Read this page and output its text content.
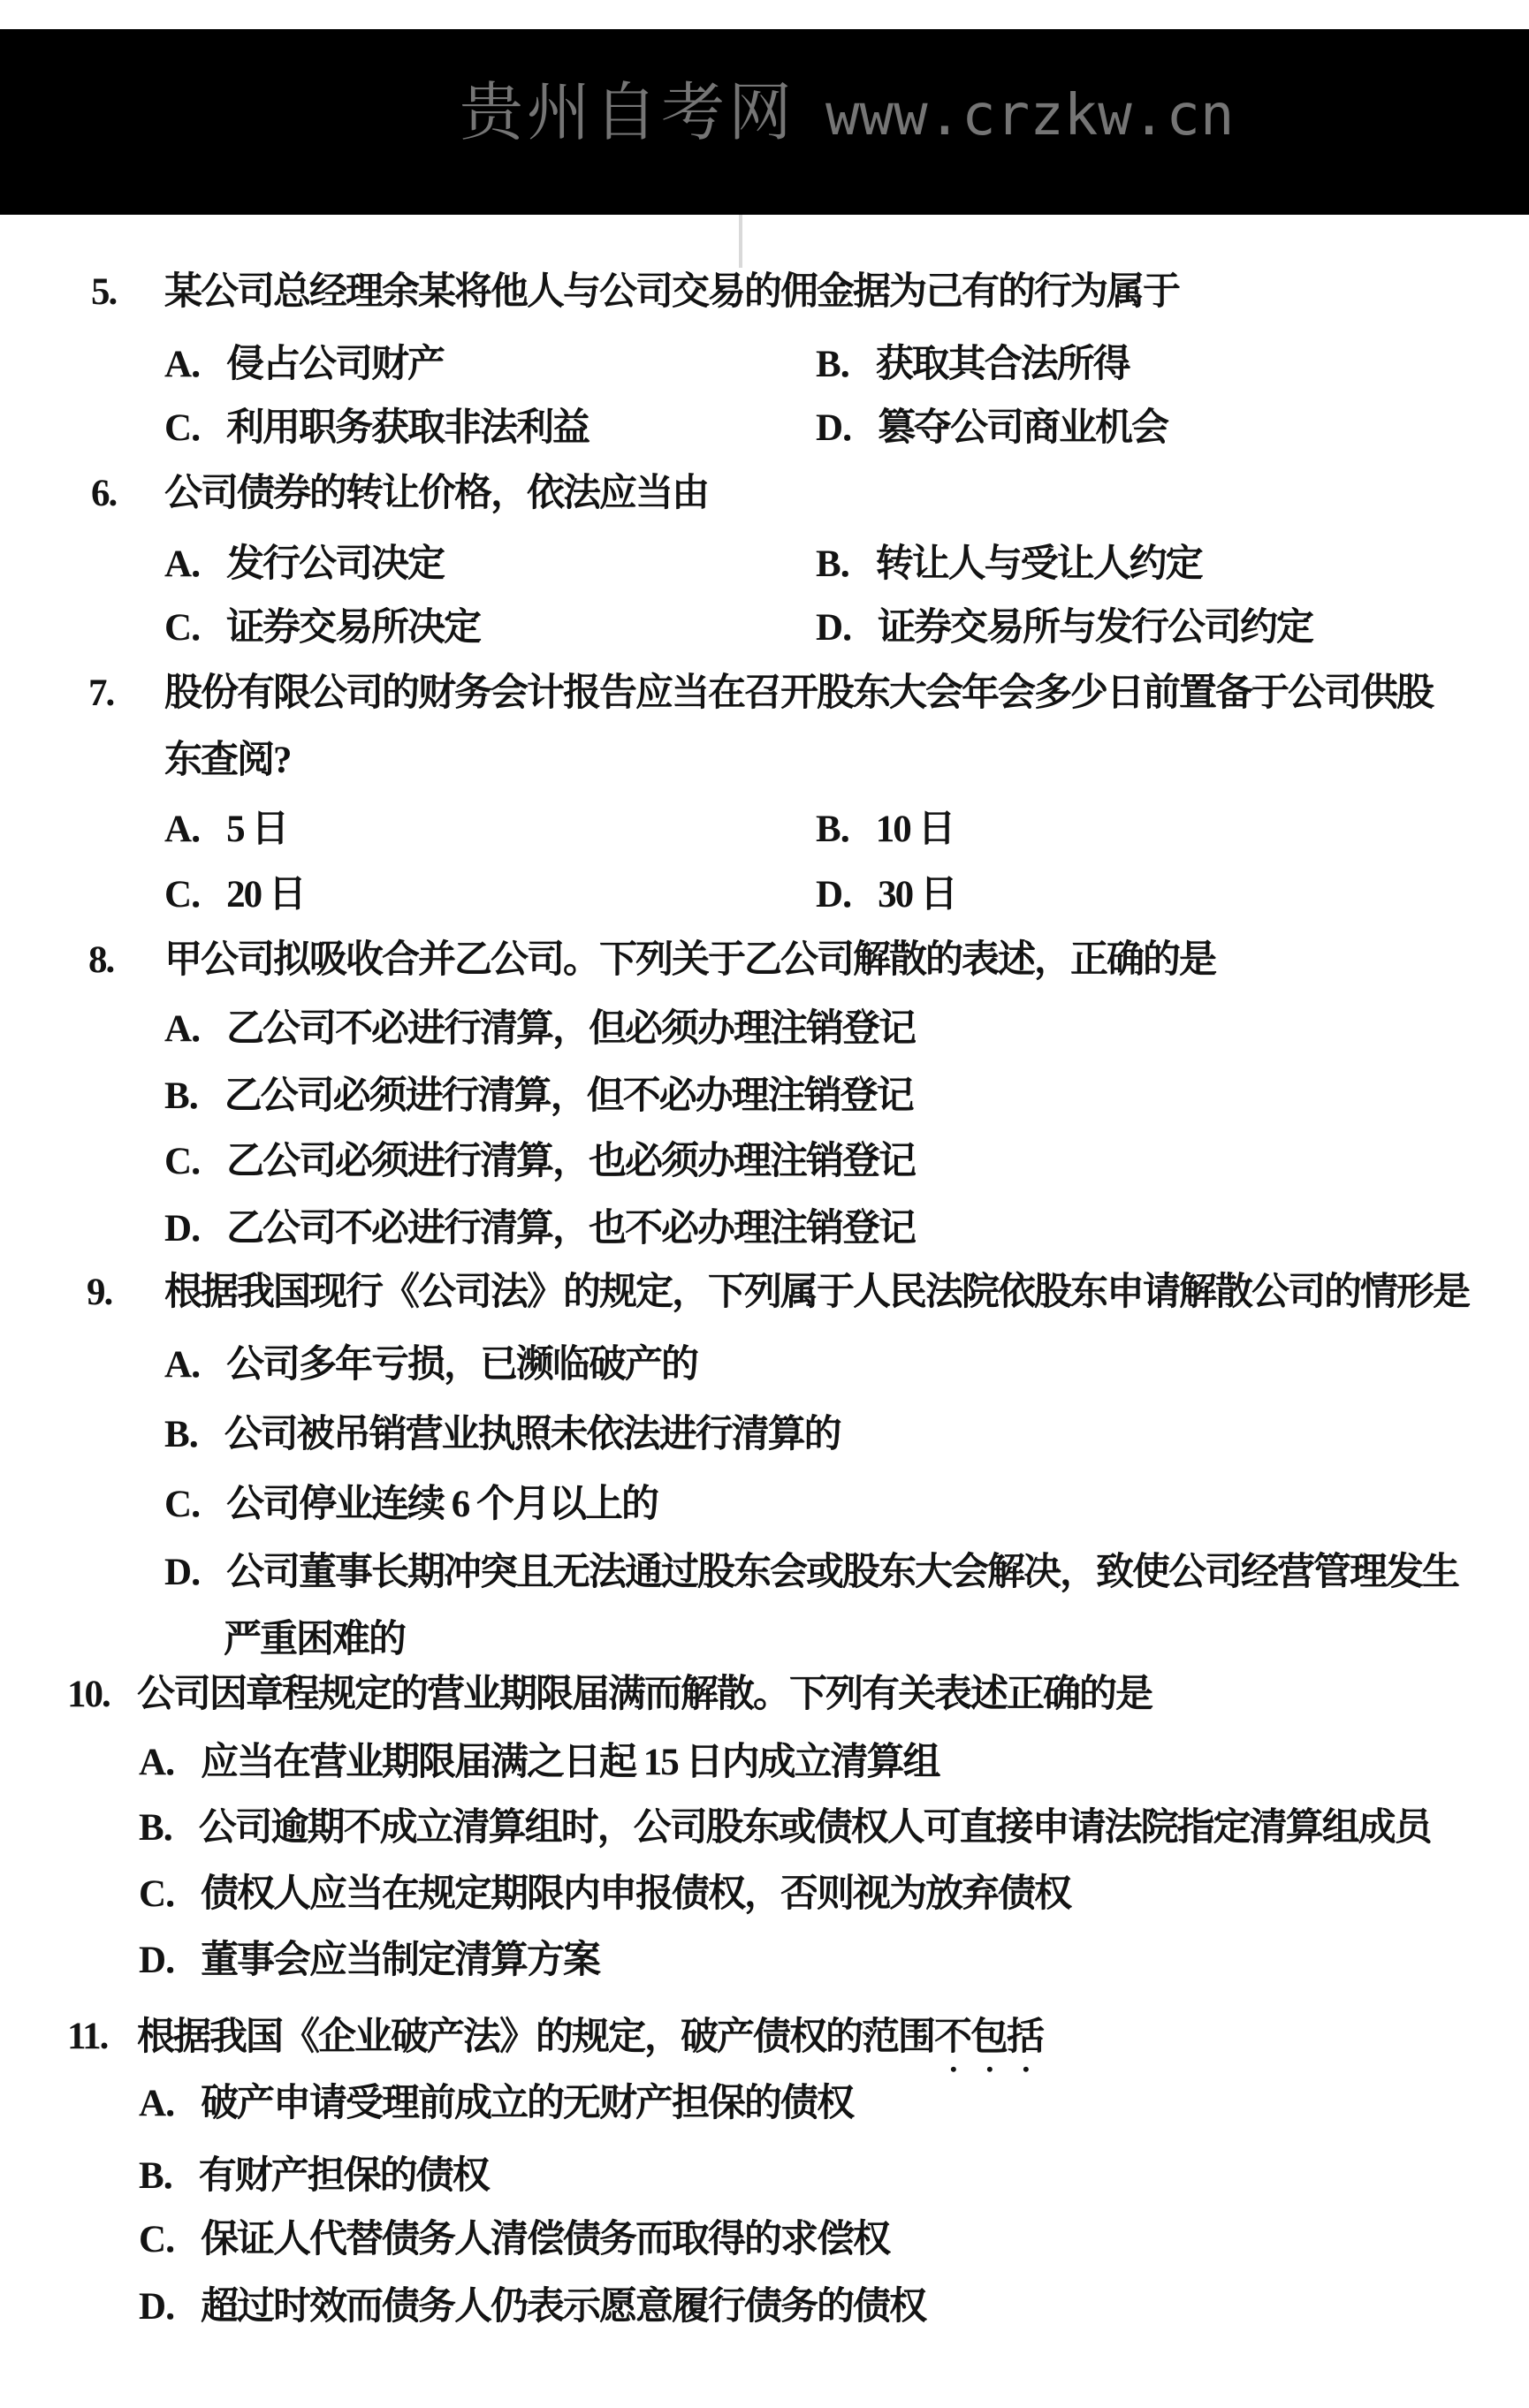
贵州自考网 www.crzkw.cn
5. 某公司总经理余某将他人与公司交易的佣金据为己有的行为属于
A．侵占公司财产	B．获取其合法所得
C．利用职务获取非法利益	D．篡夺公司商业机会
6. 公司债券的转让价格，依法应当由
A．发行公司决定	B．转让人与受让人约定
C．证券交易所决定	D．证券交易所与发行公司约定
7. 股份有限公司的财务会计报告应当在召开股东大会年会多少日前置备于公司供股
东查阅?
A．5 日	B．10 日
C．20 日	D．30 日
8. 甲公司拟吸收合并乙公司。下列关于乙公司解散的表述，正确的是
A．乙公司不必进行清算，但必须办理注销登记
B．乙公司必须进行清算，但不必办理注销登记
C．乙公司必须进行清算，也必须办理注销登记
D．乙公司不必进行清算，也不必办理注销登记
9. 根据我国现行《公司法》的规定，下列属于人民法院依股东申请解散公司的情形是
A．公司多年亏损，已濒临破产的
B．公司被吊销营业执照未依法进行清算的
C．公司停业连续 6 个月以上的
D．公司董事长期冲突且无法通过股东会或股东大会解决，致使公司经营管理发生
严重困难的
10. 公司因章程规定的营业期限届满而解散。下列有关表述正确的是
A．应当在营业期限届满之日起 15 日内成立清算组
B．公司逾期不成立清算组时，公司股东或债权人可直接申请法院指定清算组成员
C．债权人应当在规定期限内申报债权，否则视为放弃债权
D．董事会应当制定清算方案
11. 根据我国《企业破产法》的规定，破产债权的范围不包括
A．破产申请受理前成立的无财产担保的债权
B．有财产担保的债权
C．保证人代替债务人清偿债务而取得的求偿权
D．超过时效而债务人仍表示愿意履行债务的债权
